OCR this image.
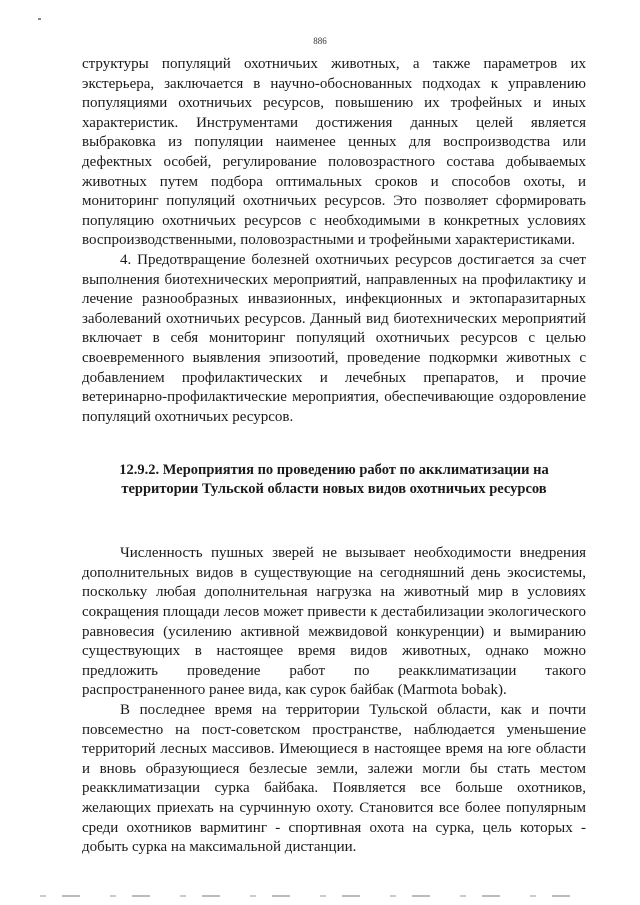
886

структуры популяций охотничьих животных, а также параметров их экстерьера, заключается в научно-обоснованных подходах к управлению популяциями охотничьих ресурсов, повышению их трофейных и иных характеристик. Инструментами достижения данных целей является выбраковка из популяции наименее ценных для воспроизводства или дефектных особей, регулирование половозрастного состава добываемых животных путем подбора оптимальных сроков и способов охоты, и мониторинг популяций охотничьих ресурсов. Это позволяет сформировать популяцию охотничьих ресурсов с необходимыми в конкретных условиях воспроизводственными, половозрастными и трофейными характеристиками.

4. Предотвращение болезней охотничьих ресурсов достигается за счет выполнения биотехнических мероприятий, направленных на профилактику и лечение разнообразных инвазионных, инфекционных и эктопаразитарных заболеваний охотничьих ресурсов. Данный вид биотехнических мероприятий включает в себя мониторинг популяций охотничьих ресурсов с целью своевременного выявления эпизоотий, проведение подкормки животных с добавлением профилактических и лечебных препаратов, и прочие ветеринарно-профилактические мероприятия, обеспечивающие оздоровление популяций охотничьих ресурсов.

12.9.2. Мероприятия по проведению работ по акклиматизации на
территории Тульской области новых видов охотничьих ресурсов

Численность пушных зверей не вызывает необходимости внедрения дополнительных видов в существующие на сегодняшний день экосистемы, поскольку любая дополнительная нагрузка на животный мир в условиях сокращения площади лесов может привести к дестабилизации экологического равновесия (усилению активной межвидовой конкуренции) и вымиранию существующих в настоящее время видов животных, однако можно предложить проведение работ по реакклиматизации такого распространенного ранее вида, как сурок байбак (Marmota bobak).

В последнее время на территории Тульской области, как и почти повсеместно на пост-советском пространстве, наблюдается уменьшение территорий лесных массивов. Имеющиеся в настоящее время на юге области и вновь образующиеся безлесые земли, залежи могли бы стать местом реакклиматизации сурка байбака. Появляется все больше охотников, желающих приехать на сурчинную охоту. Становится все более популярным среди охотников вармитинг - спортивная охота на сурка, цель которых - добыть сурка на максимальной дистанции.
